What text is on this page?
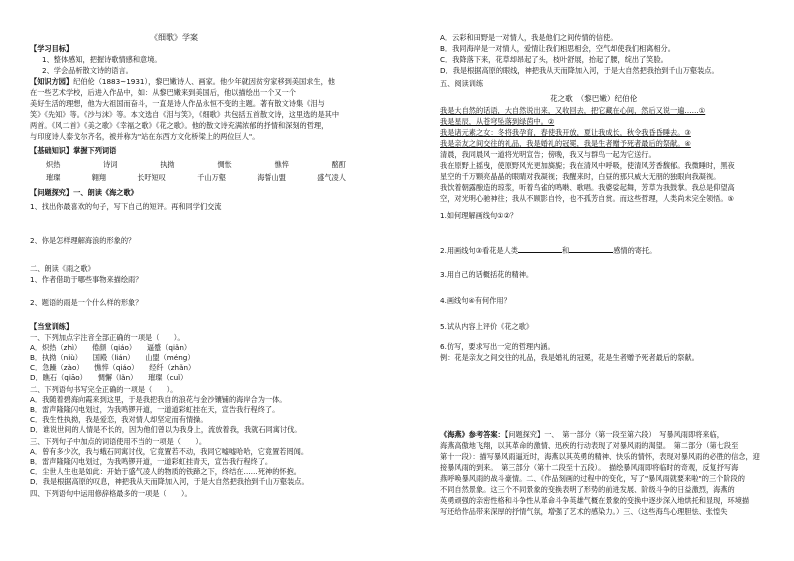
《细歌》学案
【学习目标】
1、整体感知，把握诗歌情感和意境。
2、学会品析散文诗的语言。
【知识方园】纪伯伦（1883~1931），黎巴嫩诗人、画家。他少年就因贫穷家移到美国求生，他
在一些艺术学校，后进入作品中，如：从黎巴嫩来到美国后，他以描绘出一个又一个
美好生活的理想，他为大祖国而奋斗，一直是诗人作品永恒不变的主题。著有散文诗集《泪与
笑》《先知》等。《沙与沫》等。本文选自《泪与笑》，《细歌》共包括五首散文诗，这里选的是其中
两首。《风二首》《美之歌》《幸福之歌》《花之歌》。他的散文诗充满浓郁的抒情和深刻的哲理，
与印度诗人泰戈尔齐名，被并称为"站在东西方文化桥梁上的两位巨人"。
【基础知识】掌握下列词语
炽热	诗词	执拗	惆怅	憔悴	酩酊
璀璨	翱翔	长吁短叹	千山万壑	海誓山盟	盛气凌人
【问题探究】一、朗读《海之歌》
1、找出你最喜欢的句子，写下自己的短评。再和同学们交流
2、你是怎样理解海浪的形象的？
二、朗读《雨之歌》
1、作者借助于哪些事物来描绘雨？
2、题语的雨是一个什么样的形象？
【当堂训练】
一、下列加点字注音全部正确的一项是（　　）。
A．炽热（zhì）　　倦颜（qiáo）　　逼蹙（qiǎn）
B．执拗（niù）　　国殿（lián）　　山盟（méng）
C．急躁（zào）　　憔悴（qiáo）　　经纤（zhǎn）
D．瞧石（qiāo）　　惆懈（lǎn）　　璀璨（cuǐ）
二、下列语句书写完全正确的一项是（　　）。
A．我随着碧海向霞来到这里，于是我把我自的浪花与金沙镶铺的海岸合为一体。
B．雷声隆隆闪电划过，为我鸣锣开道，一道道彩虹挂在天，宣告我行程终了。
C．我生性执拗，我是爱恋，我对情人却坚定而有情操。
D．谁说世间的人情是不长的，因为他们曾以为我身上，流放着我，我就石同寓讨伐。
三、下列句子中加点的词语使用不当的一项是（　　）。
A．曾有多少次，我与蛾石同寓讨伐，它竟置若不动，我同它嘘嘘哈哈，它竟置若罔闻。
B．雷声隆隆闪电划过，为我鸣锣开道，一道彩虹挂青天，宣告我行程终了。
C．尘世人生也是如此：开始于盛气凌人的物质的铁蹄之下，终结在……死神的怀抱。
D．我是根据高原的叹息，神把我从天而降加入河，于是大自然把我抬到千山万壑装点。
四、下列语句中运用修辞格最多的一项是（　　）。
A．云彩和田野是一对情人，我是他们之间传情的信使。
B．我同海岸是一对情人，爱情让我们相思相会，空气却使我们相离相分。
C．我降落下来，花草却昂起了头，枝叶舒展，抬起了腰，绽出了笑脸。
D．我是根据高原的眼线，神把我从天而降加入河，于是大自然把我抬到千山万壑装点。
五、阅读训练
花之歌　（黎巴嫩）纪伯伦
我是大自然的话语，大自然说出来，又收回去，把它藏在心间，然后又说一遍……①
我是星辰，从苍穹坠落到绿茵中。②
我是诸元素之女：冬将我孕育，春使我开放，夏让我成长，秋令我昏昏睡去。③
我是亲友之间交往的礼品，我是婚礼的冠冕，我是生者赠予死者最后的祭献。④
清晨，我同晨风一道将光明宣告；傍晚，我又与群鸟一起为它送行。
我在原野上摇曳，使原野风光更加旖旎；我在清风中呼吸，使清风芳香馥郁。我微睡时，黑夜
星空的千万颗亮晶晶的眼睛对我凝视；我醒来时，白昼的那只威大无朋的独眼向我凝视。
我饮着朝露酿造的琼浆，听着鸟雀的鸣啭、歌唱。我婆娑起舞，芳草为我鼓掌。我总是仰望高
空，对光明心驰神往；我从不顾影自怜，也不孤芳自赏。而这些哲理，人类尚未完全领悟。⑤
1.如何理解画线句①②？
2.用画线句③看花是人类	和	感情的寄托。
3.用自己的话概括花的精神。
4.画线句④有何作用？
5.试从内容上评价《花之歌》
6.仿写，要求写出一定的哲理内涵。
例：花是亲友之间交往的礼品，我是婚礼的冠冕，花是生者赠予死者最后的祭献。
《海燕》参考答案：【问题探究】一、　第一部分（第一段至第六段）　写暴风雨即将来临，
海燕高傲地飞翔，以其革命的激情、迅疾的行动表现了对暴风雨的渴望。　第二部分（第七段至
第十一段）：描写暴风雨逼近时，海燕以其英勇的精神、快乐的情怀，表现对暴风雨的必胜的信念，迎
接暴风雨的到来。　第三部分（第十二段至十五段）。　描绘暴风雨即将临时的奇观，反复抒写海
燕呼唤暴风雨的战斗豪情。二、《作品刻画的过程中的变化，写了"暴风雨就要来啦"的三个阶段的
不同自然景象。这三个不同景象的变换表明了形势的前进发展、阶级斗争的日益激烈，海燕的
英勇顽强的亲密性格和斗争性从革命斗争英雄气概在景象的变换中逐步深入地烘托和显现，环境描
写还给作品带来深厚的抒情气氛，增强了艺术的感染力。）三、（这些海鸟心理胆怯、张惶失
